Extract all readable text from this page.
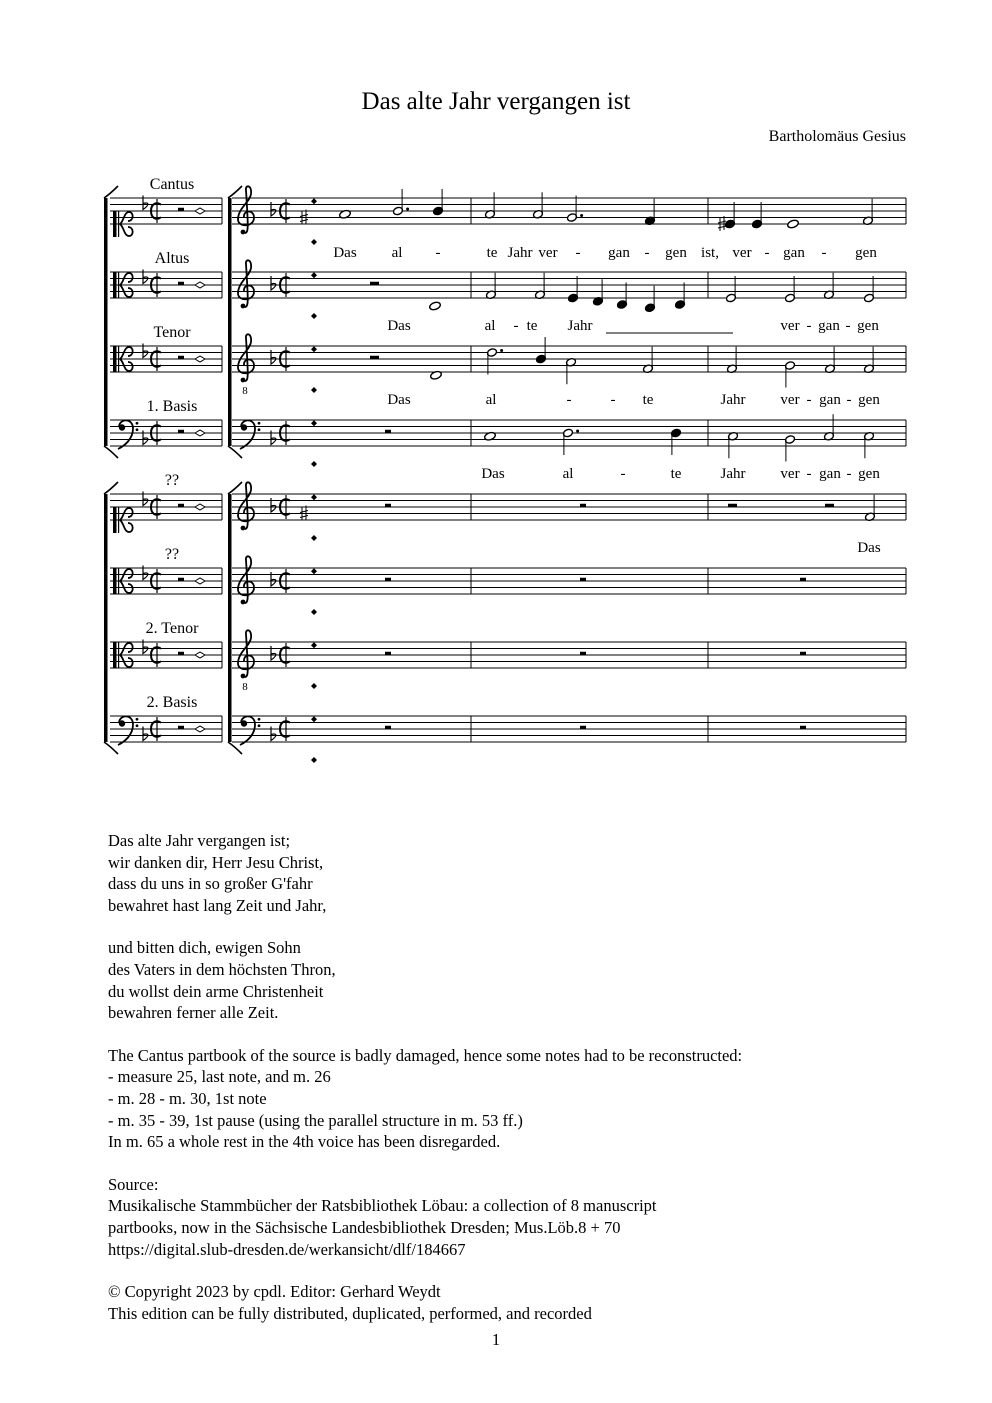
Das alte Jahr vergangen ist
Bartholomäus Gesius
8
8
Cantus
Altus
Tenor
1. Basis
??
??
2. Tenor
2. Basis
Das al -	te Jahr ver - gan - gen ist, ver - gan - gen
Das	al - te Jahr	ver - gan - gen
Das	al	-	- te	Jahr ver - gan - gen
Das	al	-	te	Jahr ver - gan - gen
Das
Das alte Jahr vergangen ist;
wir danken dir, Herr Jesu Christ,
dass du uns in so großer G'fahr
bewahret hast lang Zeit und Jahr,
und bitten dich, ewigen Sohn
des Vaters in dem höchsten Thron,
du wollst dein arme Christenheit
bewahren ferner alle Zeit.
The Cantus partbook of the source is badly damaged, hence some notes had to be reconstructed:
- measure 25, last note, and m. 26
- m. 28 - m. 30, 1st note
- m. 35 - 39, 1st pause (using the parallel structure in m. 53 ff.)
In m. 65 a whole rest in the 4th voice has been disregarded.
Source:
Musikalische Stammbücher der Ratsbibliothek Löbau: a collection of 8 manuscript
partbooks, now in the Sächsische Landesbibliothek Dresden; Mus.Löb.8 + 70
https://digital.slub-dresden.de/werkansicht/dlf/184667
© Copyright 2023 by cpdl. Editor: Gerhard Weydt
This edition can be fully distributed, duplicated, performed, and recorded
1
